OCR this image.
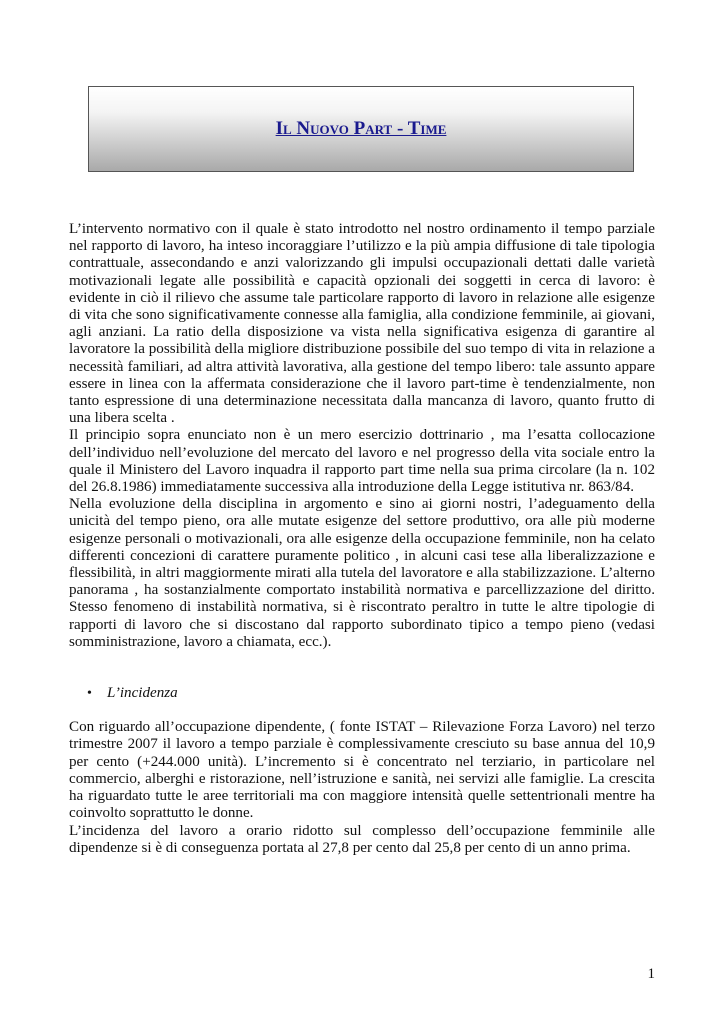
Il Nuovo Part - Time

L’intervento normativo con il quale è stato introdotto nel nostro ordinamento il tempo parziale nel rapporto di lavoro, ha inteso incoraggiare l’utilizzo e la più ampia diffusione di tale tipologia contrattuale, assecondando e anzi valorizzando gli impulsi occupazionali dettati dalle varietà motivazionali legate alle possibilità e capacità opzionali dei soggetti in cerca di lavoro: è evidente in ciò il rilievo che assume tale particolare rapporto di lavoro in relazione alle esigenze di vita che sono significativamente connesse alla famiglia, alla condizione femminile, ai giovani, agli anziani. La ratio della disposizione va vista nella significativa esigenza di garantire al lavoratore la possibilità della migliore distribuzione possibile del suo tempo di vita in relazione a necessità familiari, ad altra attività lavorativa, alla gestione del tempo libero: tale assunto appare essere in linea con la affermata considerazione che il lavoro part-time è tendenzialmente, non tanto espressione di una determinazione necessitata dalla mancanza di lavoro, quanto frutto di una libera scelta .

Il principio sopra enunciato non è un mero esercizio dottrinario , ma l’esatta collocazione dell’individuo nell’evoluzione del mercato del lavoro e nel progresso della vita sociale entro la quale il Ministero del Lavoro inquadra il rapporto part time nella sua prima circolare (la n. 102 del 26.8.1986) immediatamente successiva alla introduzione della Legge istitutiva nr. 863/84.

Nella evoluzione della disciplina in argomento e sino ai giorni nostri, l’adeguamento della unicità del tempo pieno, ora alle mutate esigenze del settore produttivo, ora alle più moderne esigenze personali o motivazionali, ora alle esigenze della occupazione femminile, non ha celato differenti concezioni di carattere puramente politico , in alcuni casi tese alla liberalizzazione e flessibilità, in altri maggiormente mirati alla tutela del lavoratore e alla stabilizzazione. L’alterno panorama , ha sostanzialmente comportato instabilità normativa e parcellizzazione del diritto. Stesso fenomeno di instabilità normativa, si è riscontrato peraltro in tutte le altre tipologie di rapporti di lavoro che si discostano dal rapporto subordinato tipico a tempo pieno (vedasi somministrazione, lavoro a chiamata, ecc.).

• L’incidenza

Con riguardo all’occupazione dipendente, ( fonte ISTAT – Rilevazione Forza Lavoro) nel terzo trimestre 2007 il lavoro a tempo parziale è complessivamente cresciuto su base annua del 10,9 per cento (+244.000 unità). L’incremento si è concentrato nel terziario, in particolare nel commercio, alberghi e ristorazione, nell’istruzione e sanità, nei servizi alle famiglie. La crescita ha riguardato tutte le aree territoriali ma con maggiore intensità quelle settentrionali mentre ha coinvolto soprattutto le donne.

L’incidenza del lavoro a orario ridotto sul complesso dell’occupazione femminile alle dipendenze si è di conseguenza portata al 27,8 per cento dal 25,8 per cento di un anno prima.

1
